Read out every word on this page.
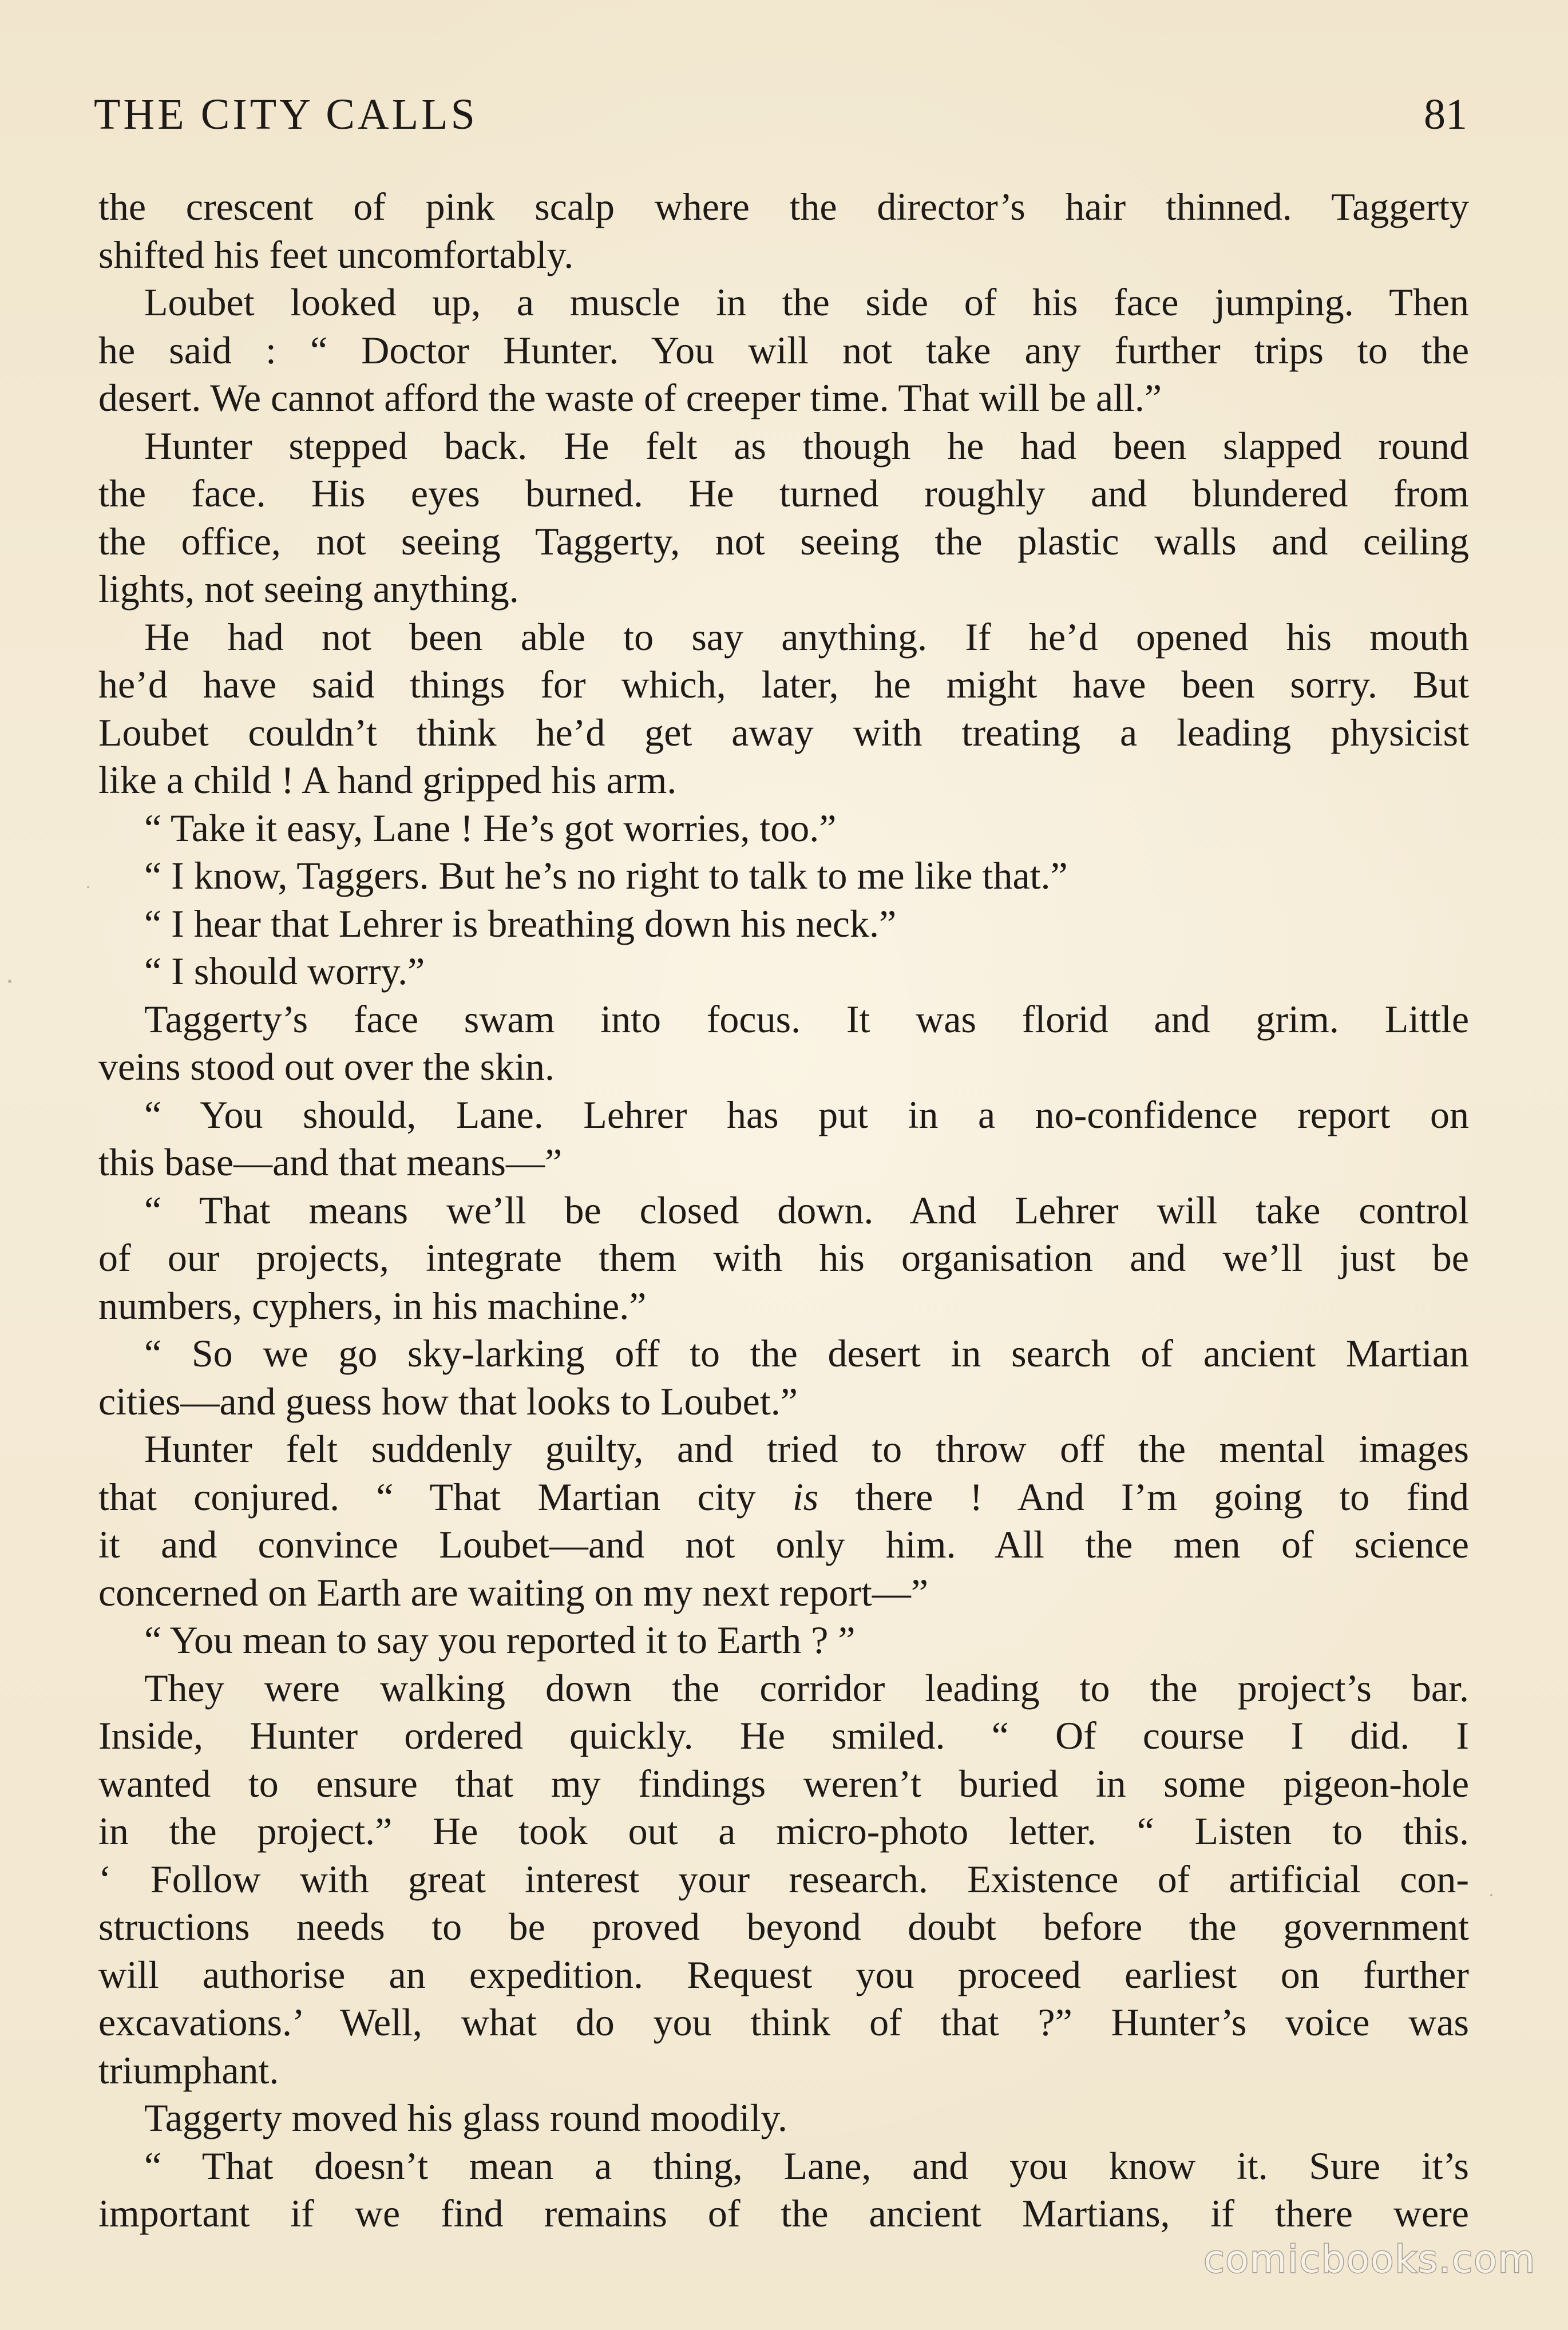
THE CITY CALLS	81
the crescent of pink scalp where the director’s hair thinned. Taggerty
shifted his feet uncomfortably.
Loubet looked up, a muscle in the side of his face jumping. Then
he said : “ Doctor Hunter. You will not take any further trips to the
desert. We cannot afford the waste of creeper time. That will be all.”
Hunter stepped back. He felt as though he had been slapped round
the face. His eyes burned. He turned roughly and blundered from
the office, not seeing Taggerty, not seeing the plastic walls and ceiling
lights, not seeing anything.
He had not been able to say anything. If he’d opened his mouth
he’d have said things for which, later, he might have been sorry. But
Loubet couldn’t think he’d get away with treating a leading physicist
like a child ! A hand gripped his arm.
“ Take it easy, Lane ! He’s got worries, too.”
“ I know, Taggers. But he’s no right to talk to me like that.”
“ I hear that Lehrer is breathing down his neck.”
“ I should worry.”
Taggerty’s face swam into focus. It was florid and grim. Little
veins stood out over the skin.
“ You should, Lane. Lehrer has put in a no-confidence report on
this base—and that means—”
“ That means we’ll be closed down. And Lehrer will take control
of our projects, integrate them with his organisation and we’ll just be
numbers, cyphers, in his machine.”
“ So we go sky-larking off to the desert in search of ancient Martian
cities—and guess how that looks to Loubet.”
Hunter felt suddenly guilty, and tried to throw off the mental images
that conjured. “ That Martian city is there ! And I’m going to find
it and convince Loubet—and not only him. All the men of science
concerned on Earth are waiting on my next report—”
“ You mean to say you reported it to Earth ? ”
They were walking down the corridor leading to the project’s bar.
Inside, Hunter ordered quickly. He smiled. “ Of course I did. I
wanted to ensure that my findings weren’t buried in some pigeon-hole
in the project.” He took out a micro-photo letter. “ Listen to this.
‘ Follow with great interest your research. Existence of artificial con-
structions needs to be proved beyond doubt before the government
will authorise an expedition. Request you proceed earliest on further
excavations.’ Well, what do you think of that ?” Hunter’s voice was
triumphant.
Taggerty moved his glass round moodily.
“ That doesn’t mean a thing, Lane, and you know it. Sure it’s
important if we find remains of the ancient Martians, if there were
comicbooks.com
